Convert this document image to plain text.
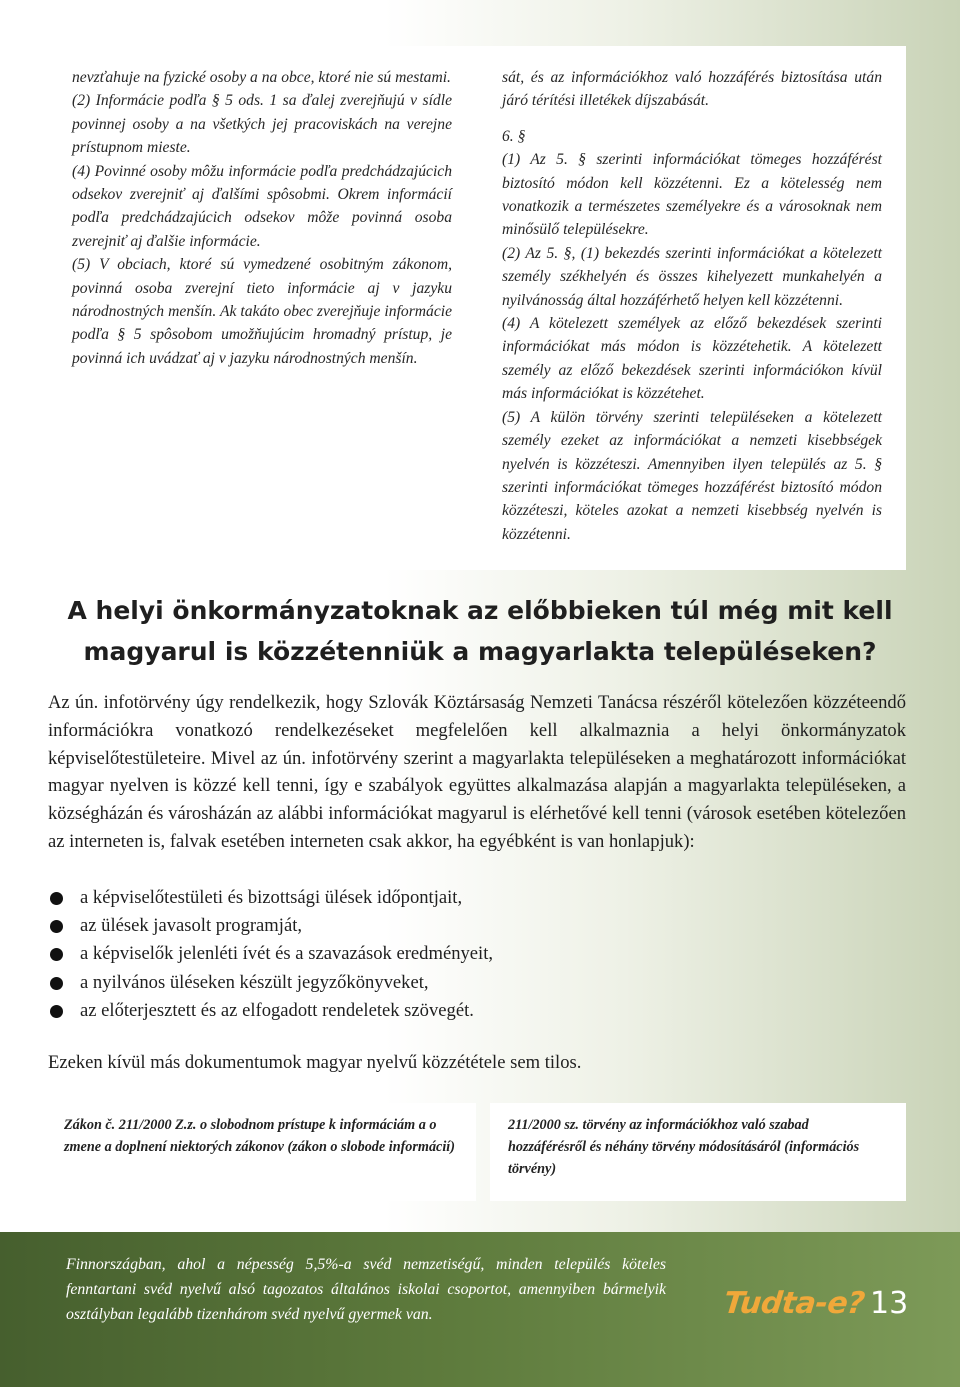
nevzťahuje na fyzické osoby a na obce, ktoré nie sú mestami.

(2) Informácie podľa § 5 ods. 1 sa ďalej zverejňujú v sídle povinnej osoby a na všetkých jej pracoviskách na verejne prístupnom mieste.

(4) Povinné osoby môžu informácie podľa predchádzajúcich odsekov zverejniť aj ďalšími spôsobmi. Okrem informácií podľa predchádzajúcich odsekov môže povinná osoba zverejniť aj ďalšie informácie.

(5) V obciach, ktoré sú vymedzené osobitným zákonom, povinná osoba zverejní tieto informácie aj v jazyku národnostných menšín. Ak takáto obec zverejňuje informácie podľa § 5 spôsobom umožňujúcim hromadný prístup, je povinná ich uvádzať aj v jazyku národnostných menšín.

sát, és az információkhoz való hozzáférés biztosítása után járó térítési illetékek díjszabását.

6. §

(1) Az 5. § szerinti információkat tömeges hozzáférést biztosító módon kell közzétenni. Ez a kötelesség nem vonatkozik a természetes személyekre és a városoknak nem minősülő településekre.

(2) Az 5. §, (1) bekezdés szerinti információkat a kötelezett személy székhelyén és összes kihelyezett munkahelyén a nyilvánosság által hozzáférhető helyen kell közzétenni.

(4) A kötelezett személyek az előző bekezdések szerinti információkat más módon is közzétehetik. A kötelezett személy az előző bekezdések szerinti információkon kívül más információkat is közzétehet.

(5) A külön törvény szerinti településeken a kötelezett személy ezeket az információkat a nemzeti kisebbségek nyelvén is közzéteszi. Amennyiben ilyen település az 5. § szerinti információkat tömeges hozzáférést biztosító módon közzéteszi, köteles azokat a nemzeti kisebbség nyelvén is közzétenni.

A helyi önkormányzatoknak az előbbieken túl még mit kell magyarul is közzétenniük a magyarlakta településeken?

Az ún. infotörvény úgy rendelkezik, hogy Szlovák Köztársaság Nemzeti Tanácsa részéről kötelezően közzéteendő információkra vonatkozó rendelkezéseket megfelelően kell alkalmaznia a helyi önkormányzatok képviselőtestületeire. Mivel az ún. infotörvény szerint a magyarlakta településeken a meghatározott információkat magyar nyelven is közzé kell tenni, így e szabályok együttes alkalmazása alapján a magyarlakta településeken, a községházán és városházán az alábbi információkat magyarul is elérhetővé kell tenni (városok esetében kötelezően az interneten is, falvak esetében interneten csak akkor, ha egyébként is van honlapjuk):

a képviselőtestületi és bizottsági ülések időpontjait,
az ülések javasolt programját,
a képviselők jelenléti ívét és a szavazások eredményeit,
a nyilvános üléseken készült jegyzőkönyveket,
az előterjesztett és az elfogadott rendeletek szövegét.

Ezeken kívül más dokumentumok magyar nyelvű közzététele sem tilos.

Zákon č. 211/2000 Z.z. o slobodnom prístupe k informáciám a o zmene a doplnení niektorých zákonov (zákon o slobode informácií)

211/2000 sz. törvény az információkhoz való szabad hozzáférésről és néhány törvény módosításáról (információs törvény)

Finnországban, ahol a népesség 5,5%-a svéd nemzetiségű, minden település köteles fenntartani svéd nyelvű alsó tagozatos általános iskolai csoportot, amennyiben bármelyik osztályban legalább tizenhárom svéd nyelvű gyermek van.	Tudta-e? 13
